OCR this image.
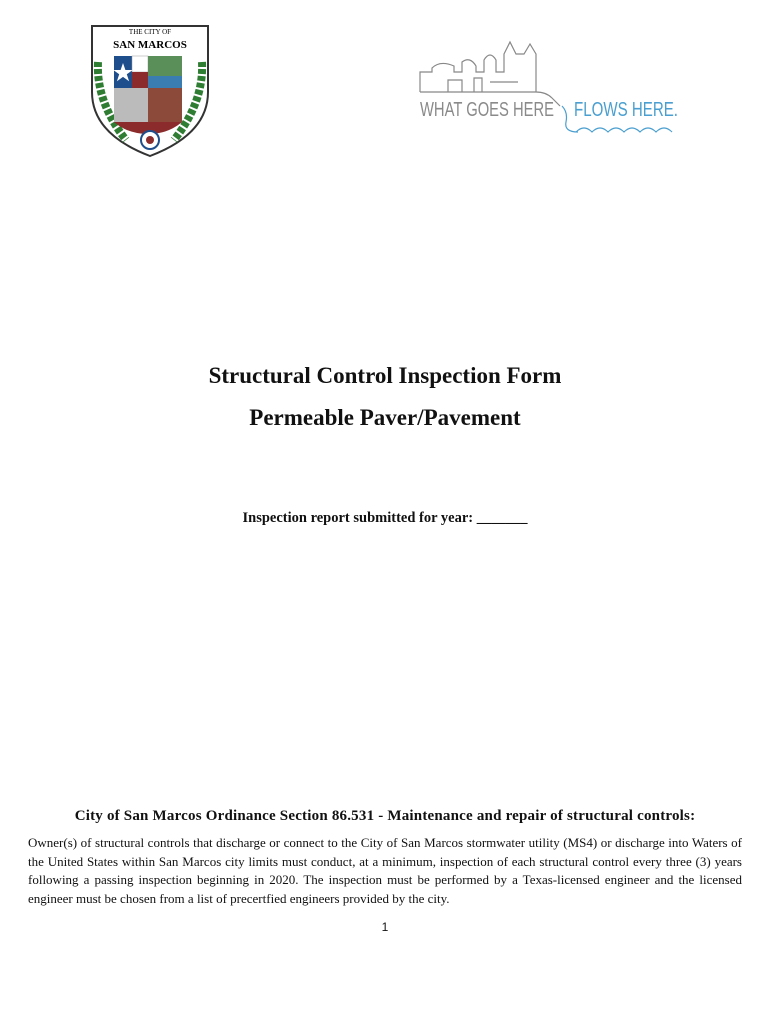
THE CITY OF
SAN MARCOS
WHAT GOES HERE FLOWS HERE.
Structural Control Inspection Form
Permeable Paver/Pavement
Inspection report submitted for year: _______
City of San Marcos Ordinance Section 86.531 - Maintenance and repair of structural controls:
Owner(s) of structural controls that discharge or connect to the City of San Marcos stormwater utility (MS4) or discharge into Waters of the United States within San Marcos city limits must conduct, at a minimum, inspection of each structural control every three (3) years following a passing inspection beginning in 2020. The inspection must be performed by a Texas-licensed engineer and the licensed engineer must be chosen from a list of precertfied engineers provided by the city.
1
